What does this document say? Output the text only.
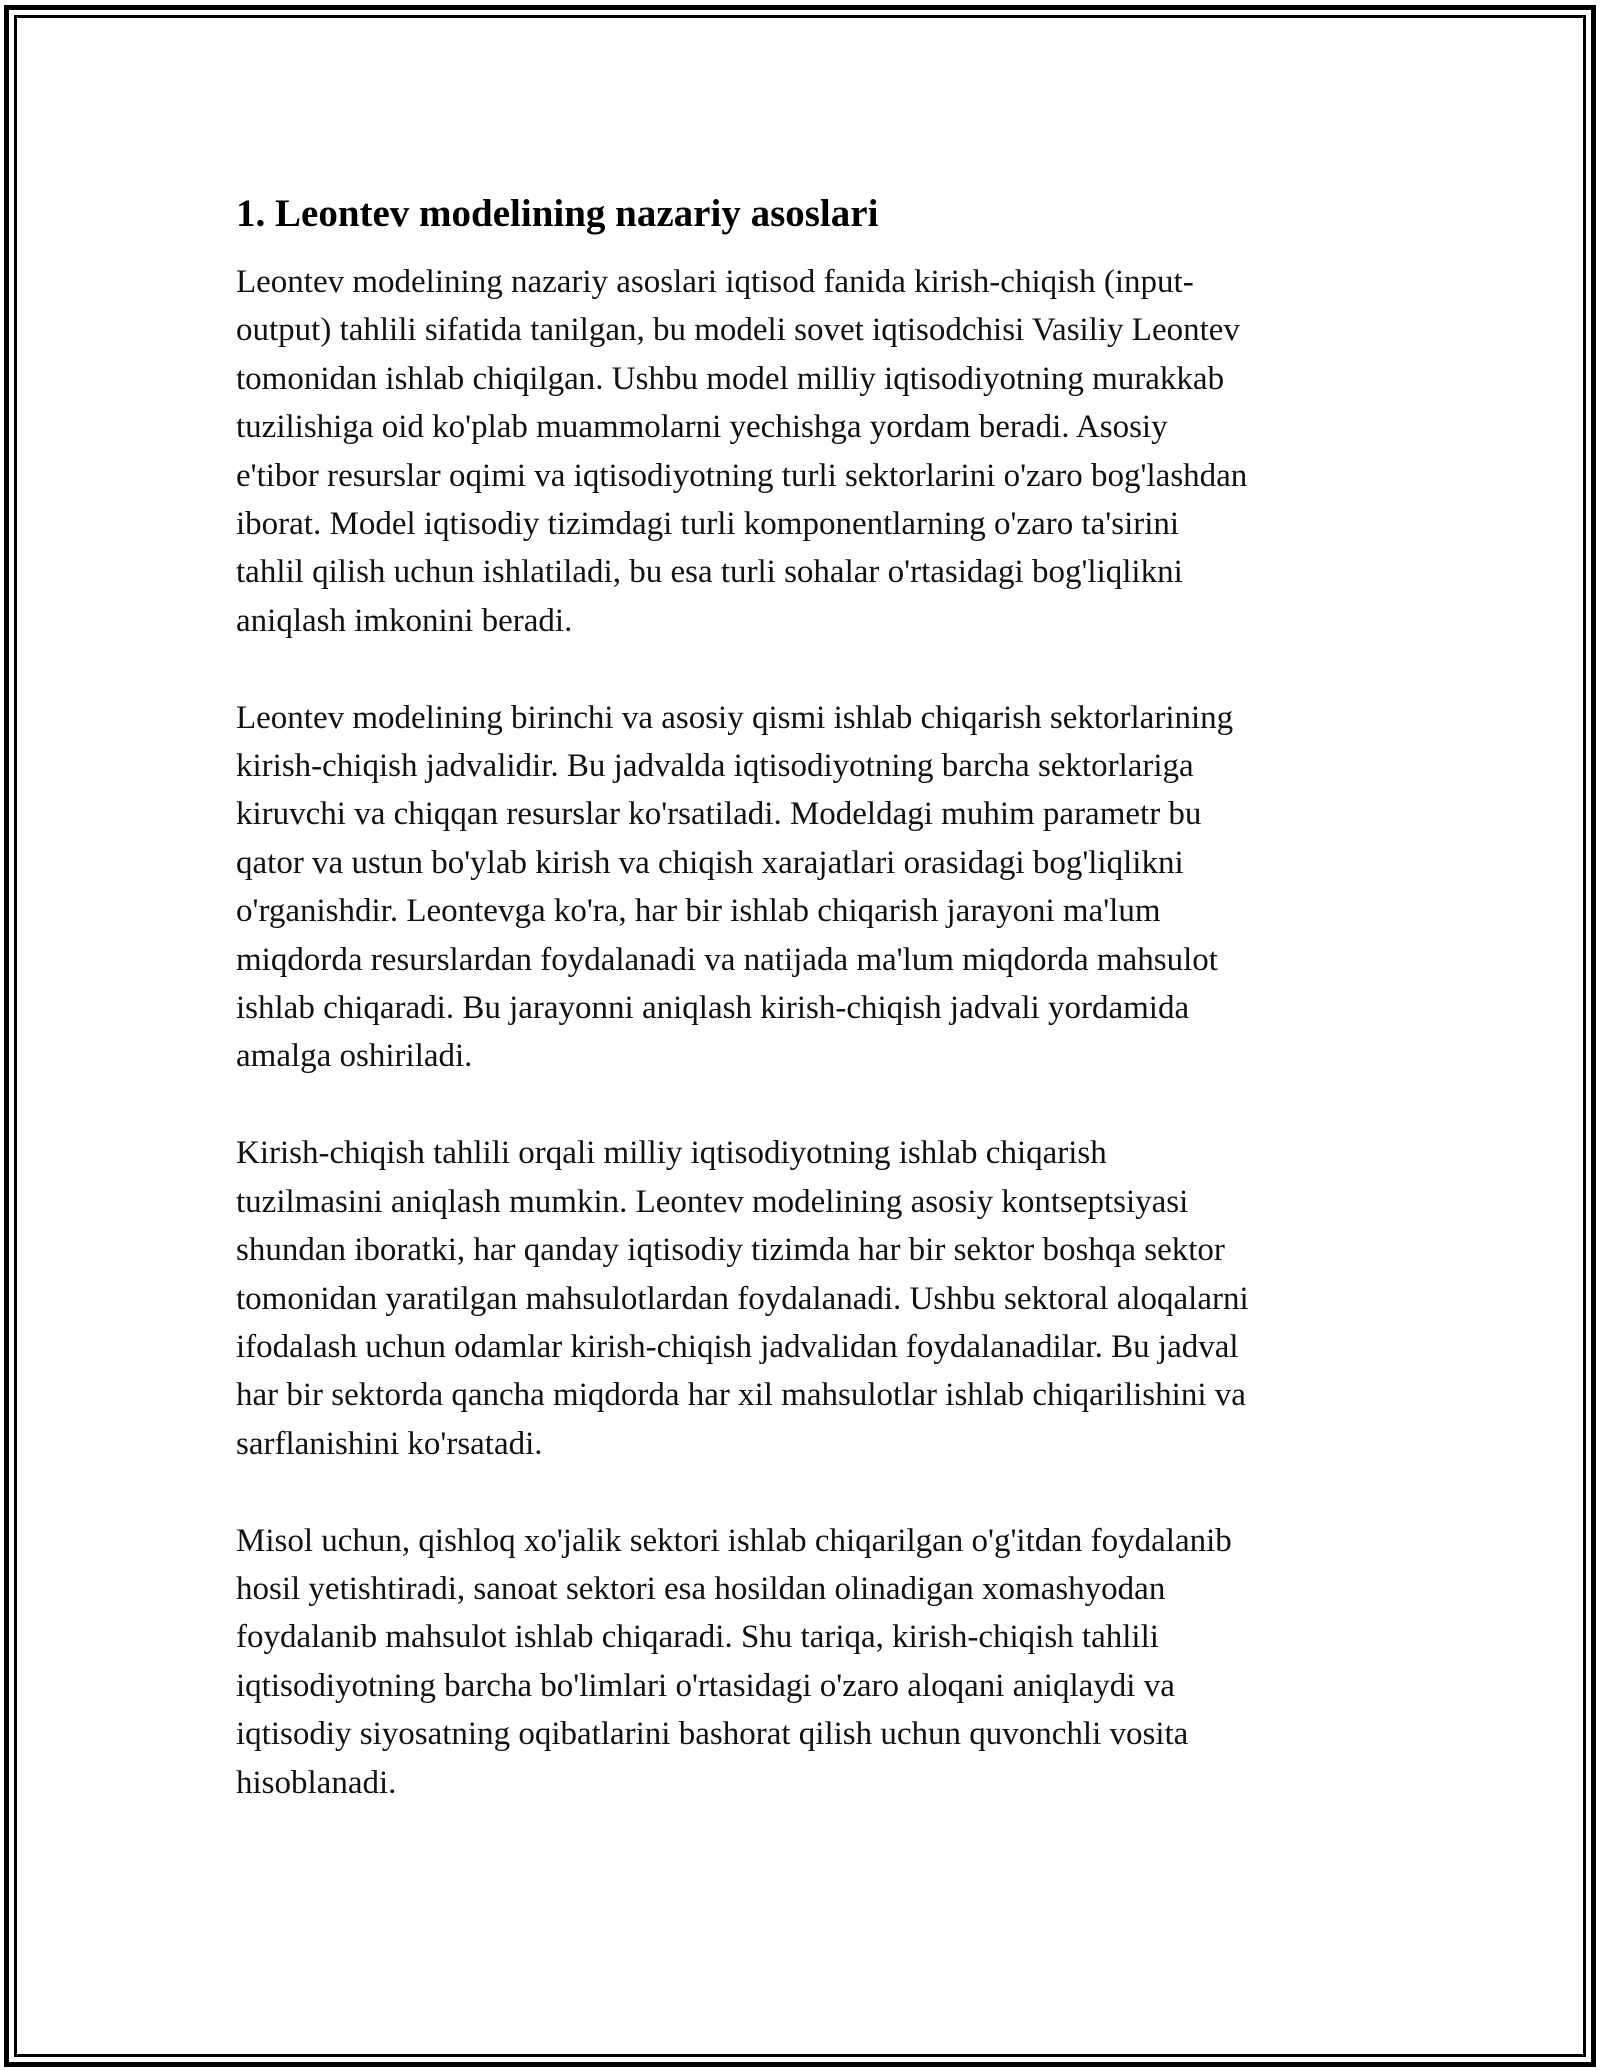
1. Leontev modelining nazariy asoslari

Leontev modelining nazariy asoslari iqtisod fanida kirish-chiqish (input-
output) tahlili sifatida tanilgan, bu modeli sovet iqtisodchisi Vasiliy Leontev
tomonidan ishlab chiqilgan. Ushbu model milliy iqtisodiyotning murakkab
tuzilishiga oid ko'plab muammolarni yechishga yordam beradi. Asosiy
e'tibor resurslar oqimi va iqtisodiyotning turli sektorlarini o'zaro bog'lashdan
iborat. Model iqtisodiy tizimdagi turli komponentlarning o'zaro ta'sirini
tahlil qilish uchun ishlatiladi, bu esa turli sohalar o'rtasidagi bog'liqlikni
aniqlash imkonini beradi.

Leontev modelining birinchi va asosiy qismi ishlab chiqarish sektorlarining
kirish-chiqish jadvalidir. Bu jadvalda iqtisodiyotning barcha sektorlariga
kiruvchi va chiqqan resurslar ko'rsatiladi. Modeldagi muhim parametr bu
qator va ustun bo'ylab kirish va chiqish xarajatlari orasidagi bog'liqlikni
o'rganishdir. Leontevga ko'ra, har bir ishlab chiqarish jarayoni ma'lum
miqdorda resurslardan foydalanadi va natijada ma'lum miqdorda mahsulot
ishlab chiqaradi. Bu jarayonni aniqlash kirish-chiqish jadvali yordamida
amalga oshiriladi.

Kirish-chiqish tahlili orqali milliy iqtisodiyotning ishlab chiqarish
tuzilmasini aniqlash mumkin. Leontev modelining asosiy kontseptsiyasi
shundan iboratki, har qanday iqtisodiy tizimda har bir sektor boshqa sektor
tomonidan yaratilgan mahsulotlardan foydalanadi. Ushbu sektoral aloqalarni
ifodalash uchun odamlar kirish-chiqish jadvalidan foydalanadilar. Bu jadval
har bir sektorda qancha miqdorda har xil mahsulotlar ishlab chiqarilishini va
sarflanishini ko'rsatadi.

Misol uchun, qishloq xo'jalik sektori ishlab chiqarilgan o'g'itdan foydalanib
hosil yetishtiradi, sanoat sektori esa hosildan olinadigan xomashyodan
foydalanib mahsulot ishlab chiqaradi. Shu tariqa, kirish-chiqish tahlili
iqtisodiyotning barcha bo'limlari o'rtasidagi o'zaro aloqani aniqlaydi va
iqtisodiy siyosatning oqibatlarini bashorat qilish uchun quvonchli vosita
hisoblanadi.
